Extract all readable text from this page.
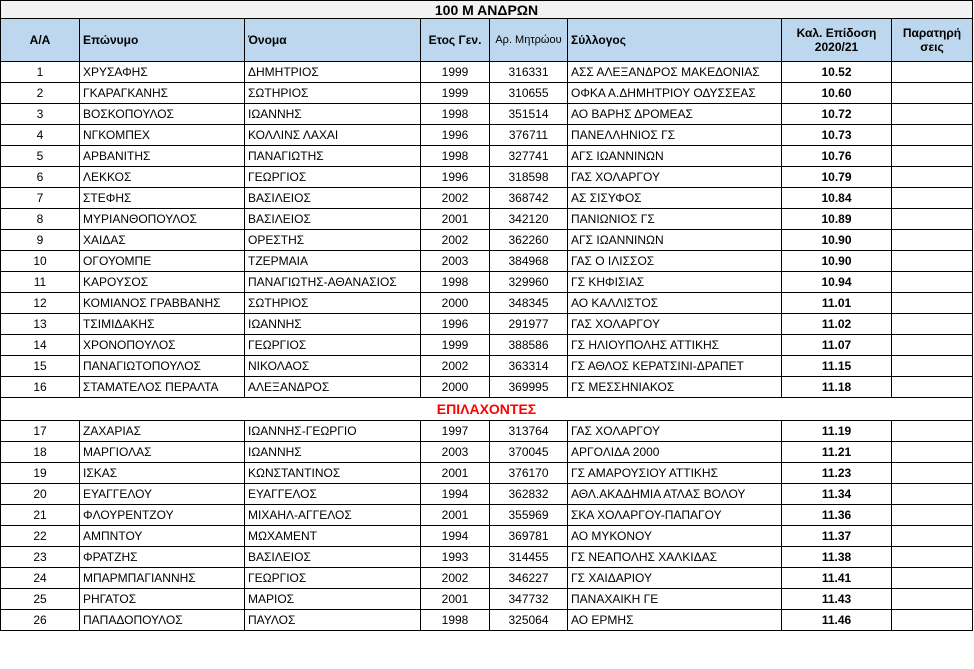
100 Μ ΑΝΔΡΩΝ							
Α/Α	Επώνυμο	Όνομα	Ετος Γεν.	Αρ. Μητρώου	Σύλλογος	Καλ. Επίδοση 2020/21	Παρατηρή σεις
1	ΧΡΥΣΑΦΗΣ	ΔΗΜΗΤΡΙΟΣ	1999	316331	ΑΣΣ ΑΛΕΞΑΝΔΡΟΣ ΜΑΚΕΔΟΝΙΑΣ	10.52	
2	ΓΚΑΡΑΓΚΑΝΗΣ	ΣΩΤΗΡΙΟΣ	1999	310655	ΟΦΚΑ Α.ΔΗΜΗΤΡΙΟΥ ΟΔΥΣΣΕΑΣ	10.60	
3	ΒΟΣΚΟΠΟΥΛΟΣ	ΙΩΑΝΝΗΣ	1998	351514	ΑΟ ΒΑΡΗΣ ΔΡΟΜΕΑΣ	10.72	
4	ΝΓΚΟΜΠΕΧ	ΚΟΛΛΙΝΣ ΛΑΧΑΙ	1996	376711	ΠΑΝΕΛΛΗΝΙΟΣ ΓΣ	10.73	
5	ΑΡΒΑΝΙΤΗΣ	ΠΑΝΑΓΙΩΤΗΣ	1998	327741	ΑΓΣ ΙΩΑΝΝΙΝΩΝ	10.76	
6	ΛΕΚΚΟΣ	ΓΕΩΡΓΙΟΣ	1996	318598	ΓΑΣ ΧΟΛΑΡΓΟΥ	10.79	
7	ΣΤΕΦΗΣ	ΒΑΣΙΛΕΙΟΣ	2002	368742	ΑΣ ΣΙΣΥΦΟΣ	10.84	
8	ΜΥΡΙΑΝΘΟΠΟΥΛΟΣ	ΒΑΣΙΛΕΙΟΣ	2001	342120	ΠΑΝΙΩΝΙΟΣ ΓΣ	10.89	
9	ΧΑΙΔΑΣ	ΟΡΕΣΤΗΣ	2002	362260	ΑΓΣ ΙΩΑΝΝΙΝΩΝ	10.90	
10	ΟΓΟΥΟΜΠΕ	ΤΖΕΡΜΑΙΑ	2003	384968	ΓΑΣ Ο ΙΛΙΣΣΟΣ	10.90	
11	ΚΑΡΟΥΣΟΣ	ΠΑΝΑΓΙΩΤΗΣ-ΑΘΑΝΑΣΙΟΣ	1998	329960	ΓΣ ΚΗΦΙΣΙΑΣ	10.94	
12	ΚΟΜΙΑΝΟΣ ΓΡΑΒΒΑΝΗΣ	ΣΩΤΗΡΙΟΣ	2000	348345	ΑΟ ΚΑΛΛΙΣΤΟΣ	11.01	
13	ΤΣΙΜΙΔΑΚΗΣ	ΙΩΑΝΝΗΣ	1996	291977	ΓΑΣ ΧΟΛΑΡΓΟΥ	11.02	
14	ΧΡΟΝΟΠΟΥΛΟΣ	ΓΕΩΡΓΙΟΣ	1999	388586	ΓΣ ΗΛΙΟΥΠΟΛΗΣ ΑΤΤΙΚΗΣ	11.07	
15	ΠΑΝΑΓΙΩΤΟΠΟΥΛΟΣ	ΝΙΚΟΛΑΟΣ	2002	363314	ΓΣ ΑΘΛΟΣ ΚΕΡΑΤΣΙΝΙ-ΔΡΑΠΕΤ	11.15	
16	ΣΤΑΜΑΤΕΛΟΣ ΠΕΡΑΛΤΑ	ΑΛΕΞΑΝΔΡΟΣ	2000	369995	ΓΣ ΜΕΣΣΗΝΙΑΚΟΣ	11.18	
ΕΠΙΛΑΧΟΝΤΕΣ							
17	ΖΑΧΑΡΙΑΣ	ΙΩΑΝΝΗΣ-ΓΕΩΡΓΙΟ	1997	313764	ΓΑΣ ΧΟΛΑΡΓΟΥ	11.19	
18	ΜΑΡΓΙΟΛΑΣ	ΙΩΑΝΝΗΣ	2003	370045	ΑΡΓΟΛΙΔΑ 2000	11.21	
19	ΙΣΚΑΣ	ΚΩΝΣΤΑΝΤΙΝΟΣ	2001	376170	ΓΣ ΑΜΑΡΟΥΣΙΟΥ ΑΤΤΙΚΗΣ	11.23	
20	ΕΥΑΓΓΕΛΟΥ	ΕΥΑΓΓΕΛΟΣ	1994	362832	ΑΘΛ.ΑΚΑΔΗΜΙΑ ΑΤΛΑΣ ΒΟΛΟΥ	11.34	
21	ΦΛΟΥΡΕΝΤΖΟΥ	ΜΙΧΑΗΛ-ΑΓΓΕΛΟΣ	2001	355969	ΣΚΑ ΧΟΛΑΡΓΟΥ-ΠΑΠΑΓΟΥ	11.36	
22	ΑΜΠΝΤΟΥ	ΜΩΧΑΜΕΝΤ	1994	369781	ΑΟ ΜΥΚΟΝΟΥ	11.37	
23	ΦΡΑΤΖΗΣ	ΒΑΣΙΛΕΙΟΣ	1993	314455	ΓΣ ΝΕΑΠΟΛΗΣ ΧΑΛΚΙΔΑΣ	11.38	
24	ΜΠΑΡΜΠΑΓΙΑΝΝΗΣ	ΓΕΩΡΓΙΟΣ	2002	346227	ΓΣ ΧΑΙΔΑΡΙΟΥ	11.41	
25	ΡΗΓΑΤΟΣ	ΜΑΡΙΟΣ	2001	347732	ΠΑΝΑΧΑΙΚΗ ΓΕ	11.43	
26	ΠΑΠΑΔΟΠΟΥΛΟΣ	ΠΑΥΛΟΣ	1998	325064	ΑΟ ΕΡΜΗΣ	11.46	
